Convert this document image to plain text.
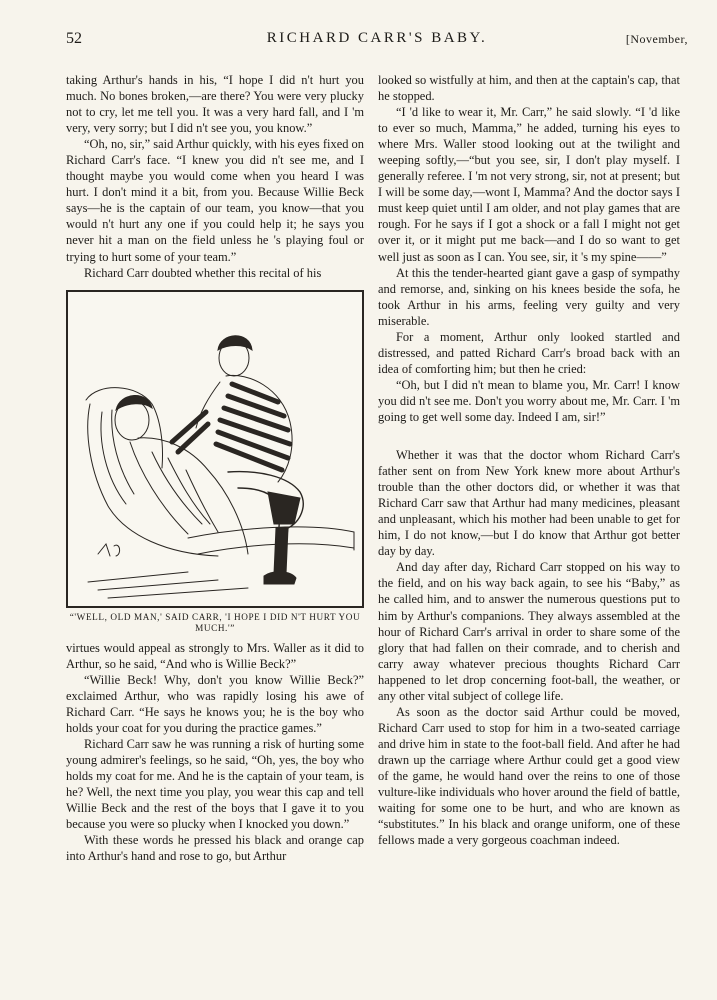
52	RICHARD CARR'S BABY.	[November,

taking Arthur's hands in his, “I hope I did n't hurt you much. No bones broken,—are there? You were very plucky not to cry, let me tell you. It was a very hard fall, and I 'm very, very sorry; but I did n't see you, you know.”

“Oh, no, sir,” said Arthur quickly, with his eyes fixed on Richard Carr's face. “I knew you did n't see me, and I thought maybe you would come when you heard I was hurt. I don't mind it a bit, from you. Because Willie Beck says—he is the captain of our team, you know—that you would n't hurt any one if you could help it; he says you never hit a man on the field unless he 's playing foul or trying to hurt some of your team.”

Richard Carr doubted whether this recital of his

“'WELL, OLD MAN,' SAID CARR, 'I HOPE I DID N'T HURT YOU MUCH.'”

virtues would appeal as strongly to Mrs. Waller as it did to Arthur, so he said, “And who is Willie Beck?”

“Willie Beck! Why, don't you know Willie Beck?” exclaimed Arthur, who was rapidly losing his awe of Richard Carr. “He says he knows you; he is the boy who holds your coat for you during the practice games.”

Richard Carr saw he was running a risk of hurting some young admirer's feelings, so he said, “Oh, yes, the boy who holds my coat for me. And he is the captain of your team, is he? Well, the next time you play, you wear this cap and tell Willie Beck and the rest of the boys that I gave it to you because you were so plucky when I knocked you down.”

With these words he pressed his black and orange cap into Arthur's hand and rose to go, but Arthur

looked so wistfully at him, and then at the captain's cap, that he stopped.

“I 'd like to wear it, Mr. Carr,” he said slowly. “I 'd like to ever so much, Mamma,” he added, turning his eyes to where Mrs. Waller stood looking out at the twilight and weeping softly,—“but you see, sir, I don't play myself. I generally referee. I 'm not very strong, sir, not at present; but I will be some day,—wont I, Mamma? And the doctor says I must keep quiet until I am older, and not play games that are rough. For he says if I got a shock or a fall I might not get over it, or it might put me back—and I do so want to get well just as soon as I can. You see, sir, it 's my spine——”

At this the tender-hearted giant gave a gasp of sympathy and remorse, and, sinking on his knees beside the sofa, he took Arthur in his arms, feeling very guilty and very miserable.

For a moment, Arthur only looked startled and distressed, and patted Richard Carr's broad back with an idea of comforting him; but then he cried:

“Oh, but I did n't mean to blame you, Mr. Carr! I know you did n't see me. Don't you worry about me, Mr. Carr. I 'm going to get well some day. Indeed I am, sir!”

Whether it was that the doctor whom Richard Carr's father sent on from New York knew more about Arthur's trouble than the other doctors did, or whether it was that Richard Carr saw that Arthur had many medicines, pleasant and unpleasant, which his mother had been unable to get for him, I do not know,—but I do know that Arthur got better day by day.

And day after day, Richard Carr stopped on his way to the field, and on his way back again, to see his “Baby,” as he called him, and to answer the numerous questions put to him by Arthur's companions. They always assembled at the hour of Richard Carr's arrival in order to share some of the glory that had fallen on their comrade, and to cherish and carry away whatever precious thoughts Richard Carr happened to let drop concerning foot-ball, the weather, or any other vital subject of college life.

As soon as the doctor said Arthur could be moved, Richard Carr used to stop for him in a two-seated carriage and drive him in state to the foot-ball field. And after he had drawn up the carriage where Arthur could get a good view of the game, he would hand over the reins to one of those vulture-like individuals who hover around the field of battle, waiting for some one to be hurt, and who are known as “substitutes.” In his black and orange uniform, one of these fellows made a very gorgeous coachman indeed.
